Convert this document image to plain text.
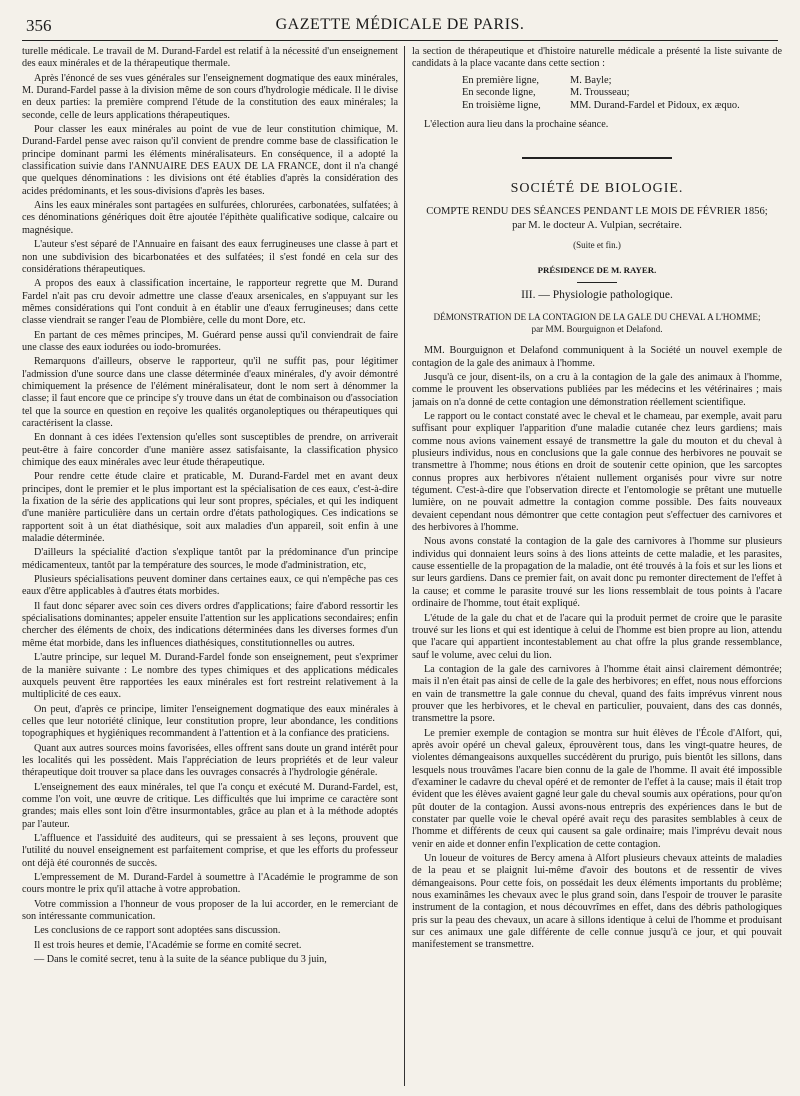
356	GAZETTE MÉDICALE DE PARIS.

turelle médicale. Le travail de M. Durand-Fardel est relatif à la nécessité d'un enseignement des eaux minérales et de la thérapeutique thermale.

Après l'énoncé de ses vues générales sur l'enseignement dogmatique des eaux minérales, M. Durand-Fardel passe à la division même de son cours d'hydrologie médicale. Il le divise en deux parties: la première comprend l'étude de la constitution des eaux minérales; la seconde, celle de leurs applications thérapeutiques.

Pour classer les eaux minérales au point de vue de leur constitution chimique, M. Durand-Fardel pense avec raison qu'il convient de prendre comme base de classification le principe dominant parmi les éléments minéralisateurs. En conséquence, il a adopté la classification suivie dans l'ANNUAIRE DES EAUX DE LA FRANCE, dont il n'a changé que quelques dénominations : les divisions ont été établies d'après la considération des acides prédominants, et les sous-divisions d'après les bases.

Ains les eaux minérales sont partagées en sulfurées, chlorurées, carbonatées, sulfatées; à ces dénominations génériques doit être ajoutée l'épithète qualificative sodique, calcaire ou magnésique.

L'auteur s'est séparé de l'Annuaire en faisant des eaux ferrugineuses une classe à part et non une subdivision des bicarbonatées et des sulfatées; il s'est fondé en cela sur des considérations thérapeutiques.

A propos des eaux à classification incertaine, le rapporteur regrette que M. Durand Fardel n'ait pas cru devoir admettre une classe d'eaux arsenicales, en s'appuyant sur les mêmes considérations qui l'ont conduit à en établir une d'eaux ferrugineuses; dans cette classe viendrait se ranger l'eau de Plombière, celle du mont Dore, etc.

En partant de ces mêmes principes, M. Guérard pense aussi qu'il conviendrait de faire une classe des eaux iodurées ou iodo-bromurées.

Remarquons d'ailleurs, observe le rapporteur, qu'il ne suffit pas, pour légitimer l'admission d'une source dans une classe déterminée d'eaux minérales, d'y avoir démontré chimiquement la présence de l'élément minéralisateur, dont le nom sert à dénommer la classe; il faut encore que ce principe s'y trouve dans un état de combinaison ou d'association tel que la source en question en reçoive les qualités organoleptiques ou thérapeutiques qui caractérisent la classe.

En donnant à ces idées l'extension qu'elles sont susceptibles de prendre, on arriverait peut-être à faire concorder d'une manière assez satisfaisante, la classification physico chimique des eaux minérales avec leur étude thérapeutique.

Pour rendre cette étude claire et praticable, M. Durand-Fardel met en avant deux principes, dont le premier et le plus important est la spécialisation de ces eaux, c'est-à-dire la fixation de la série des applications qui leur sont propres, spéciales, et qui les indiquent d'une manière particulière dans un certain ordre d'états pathologiques. Ces indications se rapportent soit à un état diathésique, soit aux maladies d'un appareil, soit enfin à une maladie déterminée.

D'ailleurs la spécialité d'action s'explique tantôt par la prédominance d'un principe médicamenteux, tantôt par la température des sources, le mode d'administration, etc,

Plusieurs spécialisations peuvent dominer dans certaines eaux, ce qui n'empêche pas ces eaux d'être applicables à d'autres états morbides.

Il faut donc séparer avec soin ces divers ordres d'applications; faire d'abord ressortir les spécialisations dominantes; appeler ensuite l'attention sur les applications secondaires; enfin chercher des éléments de choix, des indications déterminées dans les diverses formes d'un même état morbide, dans les influences diathésiques, constitutionnelles ou autres.

L'autre principe, sur lequel M. Durand-Fardel fonde son enseignement, peut s'exprimer de la manière suivante : Le nombre des types chimiques et des applications médicales auxquels peuvent être rapportées les eaux minérales est fort restreint relativement à la multiplicité de ces eaux.

On peut, d'après ce principe, limiter l'enseignement dogmatique des eaux minérales à celles que leur notoriété clinique, leur constitution propre, leur abondance, les conditions topographiques et hygiéniques recommandent à l'attention et à la confiance des praticiens.

Quant aux autres sources moins favorisées, elles offrent sans doute un grand intérêt pour les localités qui les possèdent. Mais l'appréciation de leurs propriétés et de leur valeur thérapeutique doit trouver sa place dans les ouvrages consacrés à l'hydrologie générale.

L'enseignement des eaux minérales, tel que l'a conçu et exécuté M. Durand-Fardel, est, comme l'on voit, une œuvre de critique. Les difficultés que lui imprime ce caractère sont grandes; mais elles sont loin d'être insurmontables, grâce au plan et à la méthode adoptés par l'auteur.

L'affluence et l'assiduité des auditeurs, qui se pressaient à ses leçons, prouvent que l'utilité du nouvel enseignement est parfaitement comprise, et que les efforts du professeur ont déjà été couronnés de succès.

L'empressement de M. Durand-Fardel à soumettre à l'Académie le programme de son cours montre le prix qu'il attache à votre approbation.

Votre commission a l'honneur de vous proposer de la lui accorder, en le remerciant de son intéressante communication.

Les conclusions de ce rapport sont adoptées sans discussion.

Il est trois heures et demie, l'Académie se forme en comité secret.

— Dans le comité secret, tenu à la suite de la séance publique du 3 juin,

la section de thérapeutique et d'histoire naturelle médicale a présenté la liste suivante de candidats à la place vacante dans cette section :

En première ligne,	M. Bayle;
En seconde ligne,	M. Trousseau;
En troisième ligne,	MM. Durand-Fardel et Pidoux, ex æquo.

L'élection aura lieu dans la prochaine séance.

SOCIÉTÉ DE BIOLOGIE.
COMPTE RENDU DES SÉANCES PENDANT LE MOIS DE FÉVRIER 1856;
par M. le docteur A. Vulpian, secrétaire.
(Suite et fin.)
PRÉSIDENCE DE M. RAYER.
III. — Physiologie pathologique.
DÉMONSTRATION DE LA CONTAGION DE LA GALE DU CHEVAL A L'HOMME;
par MM. Bourguignon et Delafond.

MM. Bourguignon et Delafond communiquent à la Société un nouvel exemple de contagion de la gale des animaux à l'homme.

Jusqu'à ce jour, disent-ils, on a cru à la contagion de la gale des animaux à l'homme, comme le prouvent les observations publiées par les médecins et les vétérinaires ; mais jamais on n'a donné de cette contagion une démonstration réellement scientifique.

Le rapport ou le contact constaté avec le cheval et le chameau, par exemple, avait paru suffisant pour expliquer l'apparition d'une maladie cutanée chez leurs gardiens; mais comme nous avions vainement essayé de transmettre la gale du mouton et du cheval à plusieurs individus, nous en conclusions que la gale connue des herbivores ne pouvait se transmettre à l'homme; nous étions en droit de soutenir cette opinion, que les sarcoptes connus propres aux herbivores n'étaient nullement organisés pour vivre sur notre tégument. C'est-à-dire que l'observation directe et l'entomologie se prêtant une mutuelle lumière, on ne pouvait admettre la contagion comme possible. Des faits nouveaux devaient cependant nous démontrer que cette contagion peut s'effectuer des carnivores et des herbivores à l'homme.

Nous avons constaté la contagion de la gale des carnivores à l'homme sur plusieurs individus qui donnaient leurs soins à des lions atteints de cette maladie, et les parasites, cause essentielle de la propagation de la maladie, ont été trouvés à la fois et sur les lions et sur leurs gardiens. Dans ce premier fait, on avait donc pu remonter directement de l'effet à la cause; et comme le parasite trouvé sur les lions ressemblait de tous points à l'acare ordinaire de l'homme, tout était expliqué.

L'étude de la gale du chat et de l'acare qui la produit permet de croire que le parasite trouvé sur les lions et qui est identique à celui de l'homme est bien propre au lion, attendu que l'acare qui appartient incontestablement au chat offre la plus grande ressemblance, sauf le volume, avec celui du lion.

La contagion de la gale des carnivores à l'homme était ainsi clairement démontrée; mais il n'en était pas ainsi de celle de la gale des herbivores; en effet, nous nous efforcions en vain de transmettre la gale connue du cheval, quand des faits imprévus vinrent nous prouver que les herbivores, et le cheval en particulier, pouvaient, dans des cas donnés, transmettre la psore.

Le premier exemple de contagion se montra sur huit élèves de l'École d'Alfort, qui, après avoir opéré un cheval galeux, éprouvèrent tous, dans les vingt-quatre heures, de violentes démangeaisons auxquelles succédèrent du prurigo, puis bientôt les sillons, dans lesquels nous trouvâmes l'acare bien connu de la gale de l'homme. Il avait été impossible d'examiner le cadavre du cheval opéré et de remonter de l'effet à la cause; mais il était trop évident que les élèves avaient gagné leur gale du cheval soumis aux opérations, pour qu'on pût douter de la contagion. Aussi avons-nous entrepris des expériences dans le but de constater par quelle voie le cheval opéré avait reçu des parasites semblables à ceux de l'homme et différents de ceux qui causent sa gale ordinaire; mais l'imprévu devait nous venir en aide et donner enfin l'explication de cette contagion.

Un loueur de voitures de Bercy amena à Alfort plusieurs chevaux atteints de maladies de la peau et se plaignit lui-même d'avoir des boutons et de ressentir de vives démangeaisons. Pour cette fois, on possédait les deux éléments importants du problème; nous examinâmes les chevaux avec le plus grand soin, dans l'espoir de trouver le parasite instrument de la contagion, et nous découvrîmes en effet, dans des débris pathologiques pris sur la peau des chevaux, un acare à sillons identique à celui de l'homme et produisant sur ces animaux une gale différente de celle connue jusqu'à ce jour, et qui pouvait manifestement se transmettre.
